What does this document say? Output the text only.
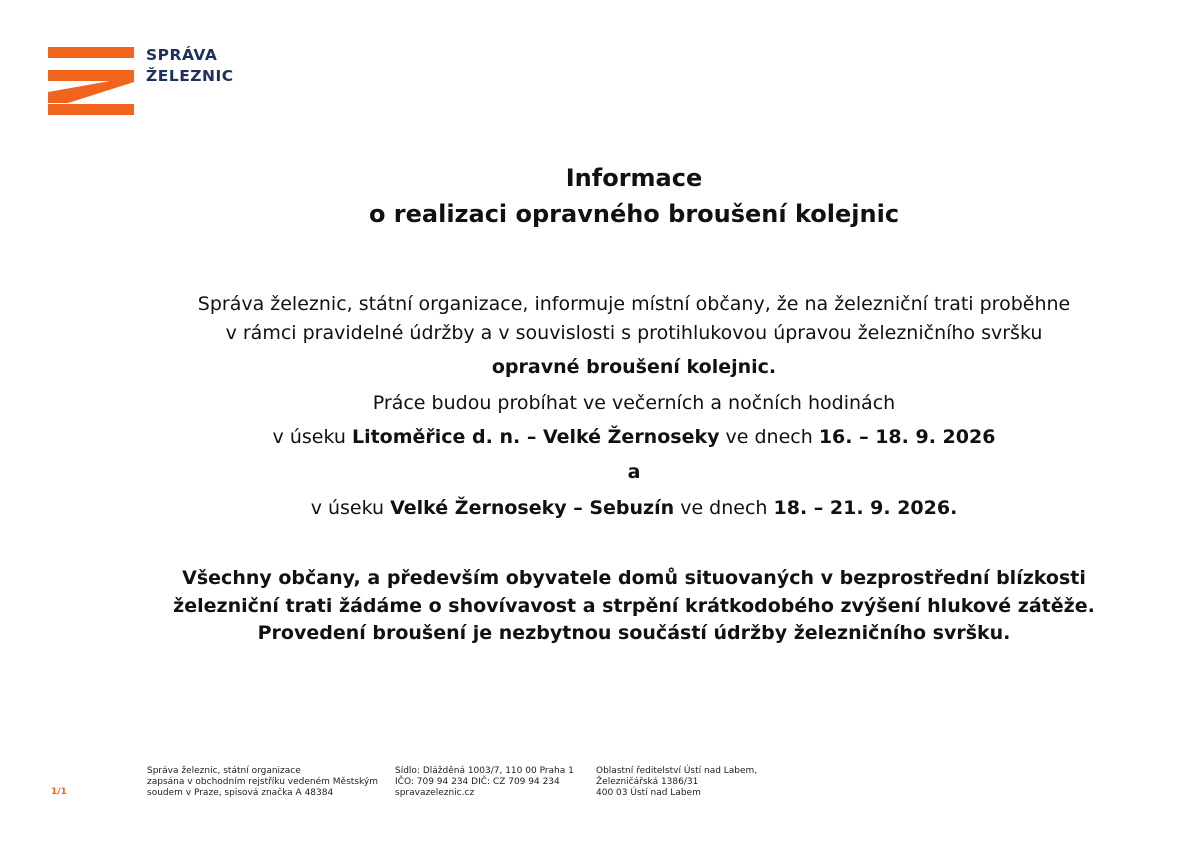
SPRÁVA
ŽELEZNIC
Informace
o realizaci opravného broušení kolejnic
Správa železnic, státní organizace, informuje místní občany, že na železniční trati proběhne
v rámci pravidelné údržby a v souvislosti s protihlukovou úpravou železničního svršku
opravné broušení kolejnic.
Práce budou probíhat ve večerních a nočních hodinách
v úseku Litoměřice d. n. – Velké Žernoseky ve dnech 16. – 18. 9. 2026
a
v úseku Velké Žernoseky – Sebuzín ve dnech 18. – 21. 9. 2026.
Všechny občany, a především obyvatele domů situovaných v bezprostřední blízkosti
železniční trati žádáme o shovívavost a strpění krátkodobého zvýšení hlukové zátěže.
Provedení broušení je nezbytnou součástí údržby železničního svršku.
1/1
Správa železnic, státní organizace
zapsána v obchodním rejstříku vedeném Městským
soudem v Praze, spisová značka A 48384
Sídlo: Dlážděná 1003/7, 110 00 Praha 1
IČO: 709 94 234 DIČ: CZ 709 94 234
spravazeleznic.cz
Oblastní ředitelství Ústí nad Labem,
Železničářská 1386/31
400 03 Ústí nad Labem
